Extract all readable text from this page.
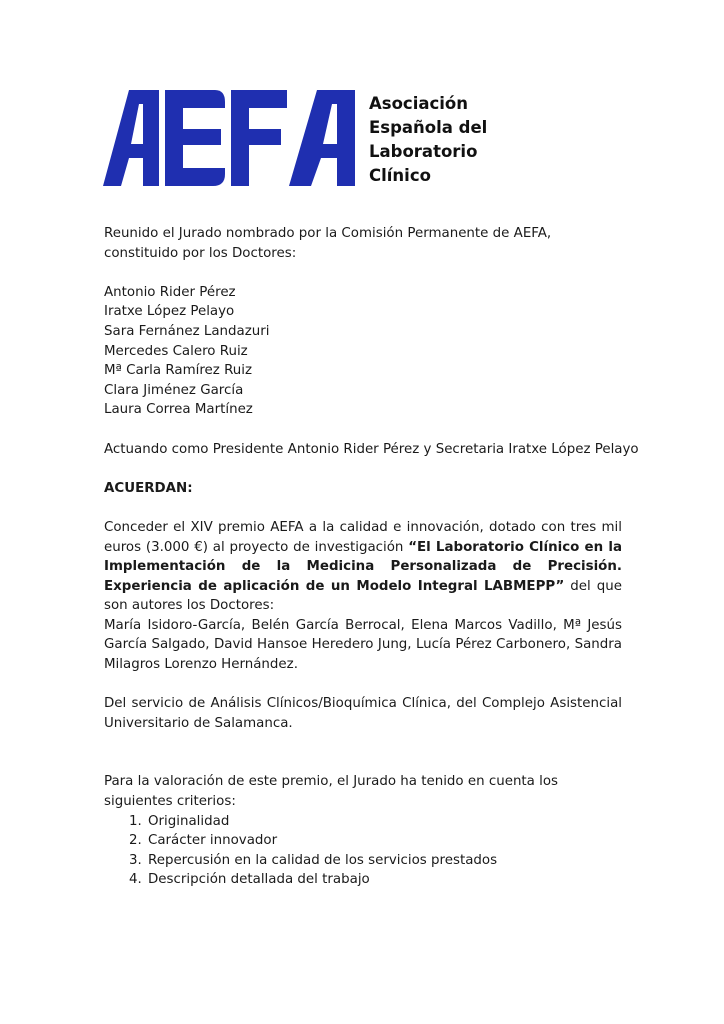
Asociación
Española del
Laboratorio
Clínico

Reunido el Jurado nombrado por la Comisión Permanente de AEFA, constituido por los Doctores:

Antonio Rider Pérez

Iratxe López Pelayo

Sara Fernánez Landazuri

Mercedes Calero Ruiz

Mª Carla Ramírez Ruiz

Clara Jiménez García

Laura Correa Martínez

Actuando como Presidente Antonio Rider Pérez y Secretaria Iratxe López Pelayo

ACUERDAN:

Conceder el XIV premio AEFA a la calidad e innovación, dotado con tres mil euros (3.000 €) al proyecto de investigación “El Laboratorio Clínico en la Implementación de la Medicina Personalizada de Precisión. Experiencia de aplicación de un Modelo Integral LABMEPP” del que son autores los Doctores:

María Isidoro-García, Belén García Berrocal, Elena Marcos Vadillo, Mª Jesús García Salgado, David Hansoe Heredero Jung, Lucía Pérez Carbonero, Sandra Milagros Lorenzo Hernández.

Del servicio de Análisis Clínicos/Bioquímica Clínica, del Complejo Asistencial Universitario de Salamanca.

Para la valoración de este premio, el Jurado ha tenido en cuenta los siguientes criterios:

1. Originalidad
2. Carácter innovador
3. Repercusión en la calidad de los servicios prestados
4. Descripción detallada del trabajo
